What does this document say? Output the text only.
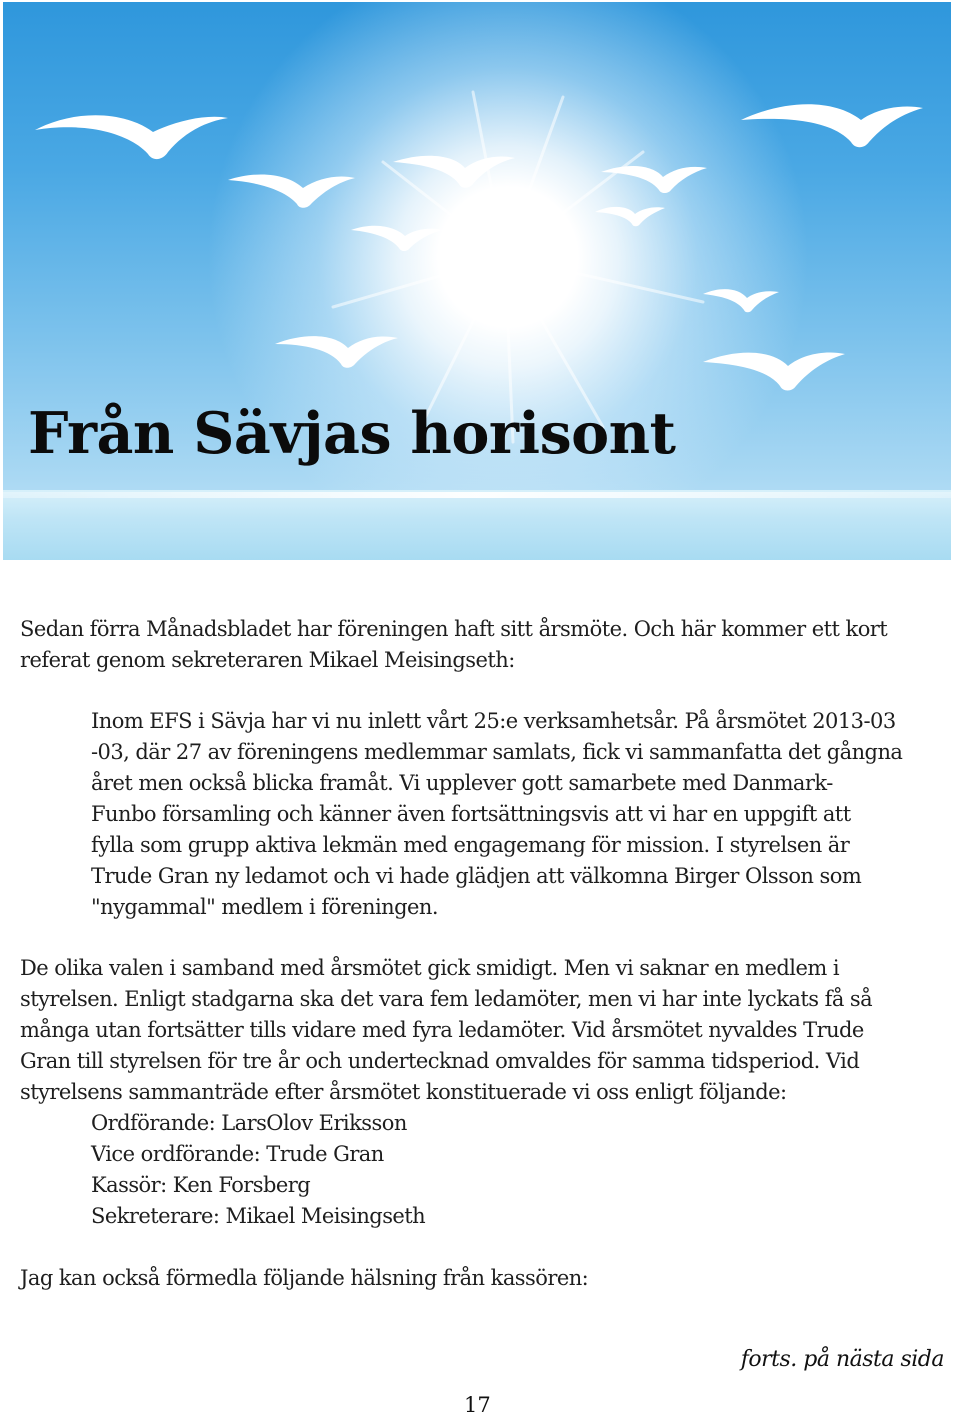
Från Sävjas horisont

Sedan förra Månadsbladet har föreningen haft sitt årsmöte. Och här kommer ett kort

referat genom sekreteraren Mikael Meisingseth:

Inom EFS i Sävja har vi nu inlett vårt 25:e verksamhetsår. På årsmötet 2013-03

-03, där 27 av föreningens medlemmar samlats, fick vi sammanfatta det gångna

året men också blicka framåt. Vi upplever gott samarbete med Danmark-

Funbo församling och känner även fortsättningsvis att vi har en uppgift att

fylla som grupp aktiva lekmän med engagemang för mission. I styrelsen är

Trude Gran ny ledamot och vi hade glädjen att välkomna Birger Olsson som

"nygammal" medlem i föreningen.

De olika valen i samband med årsmötet gick smidigt. Men vi saknar en medlem i

styrelsen. Enligt stadgarna ska det vara fem ledamöter, men vi har inte lyckats få så

många utan fortsätter tills vidare med fyra ledamöter. Vid årsmötet nyvaldes Trude

Gran till styrelsen för tre år och undertecknad omvaldes för samma tidsperiod. Vid

styrelsens sammanträde efter årsmötet konstituerade vi oss enligt följande:

Ordförande: LarsOlov Eriksson

Vice ordförande: Trude Gran

Kassör: Ken Forsberg

Sekreterare: Mikael Meisingseth

Jag kan också förmedla följande hälsning från kassören:

forts. på nästa sida

17
